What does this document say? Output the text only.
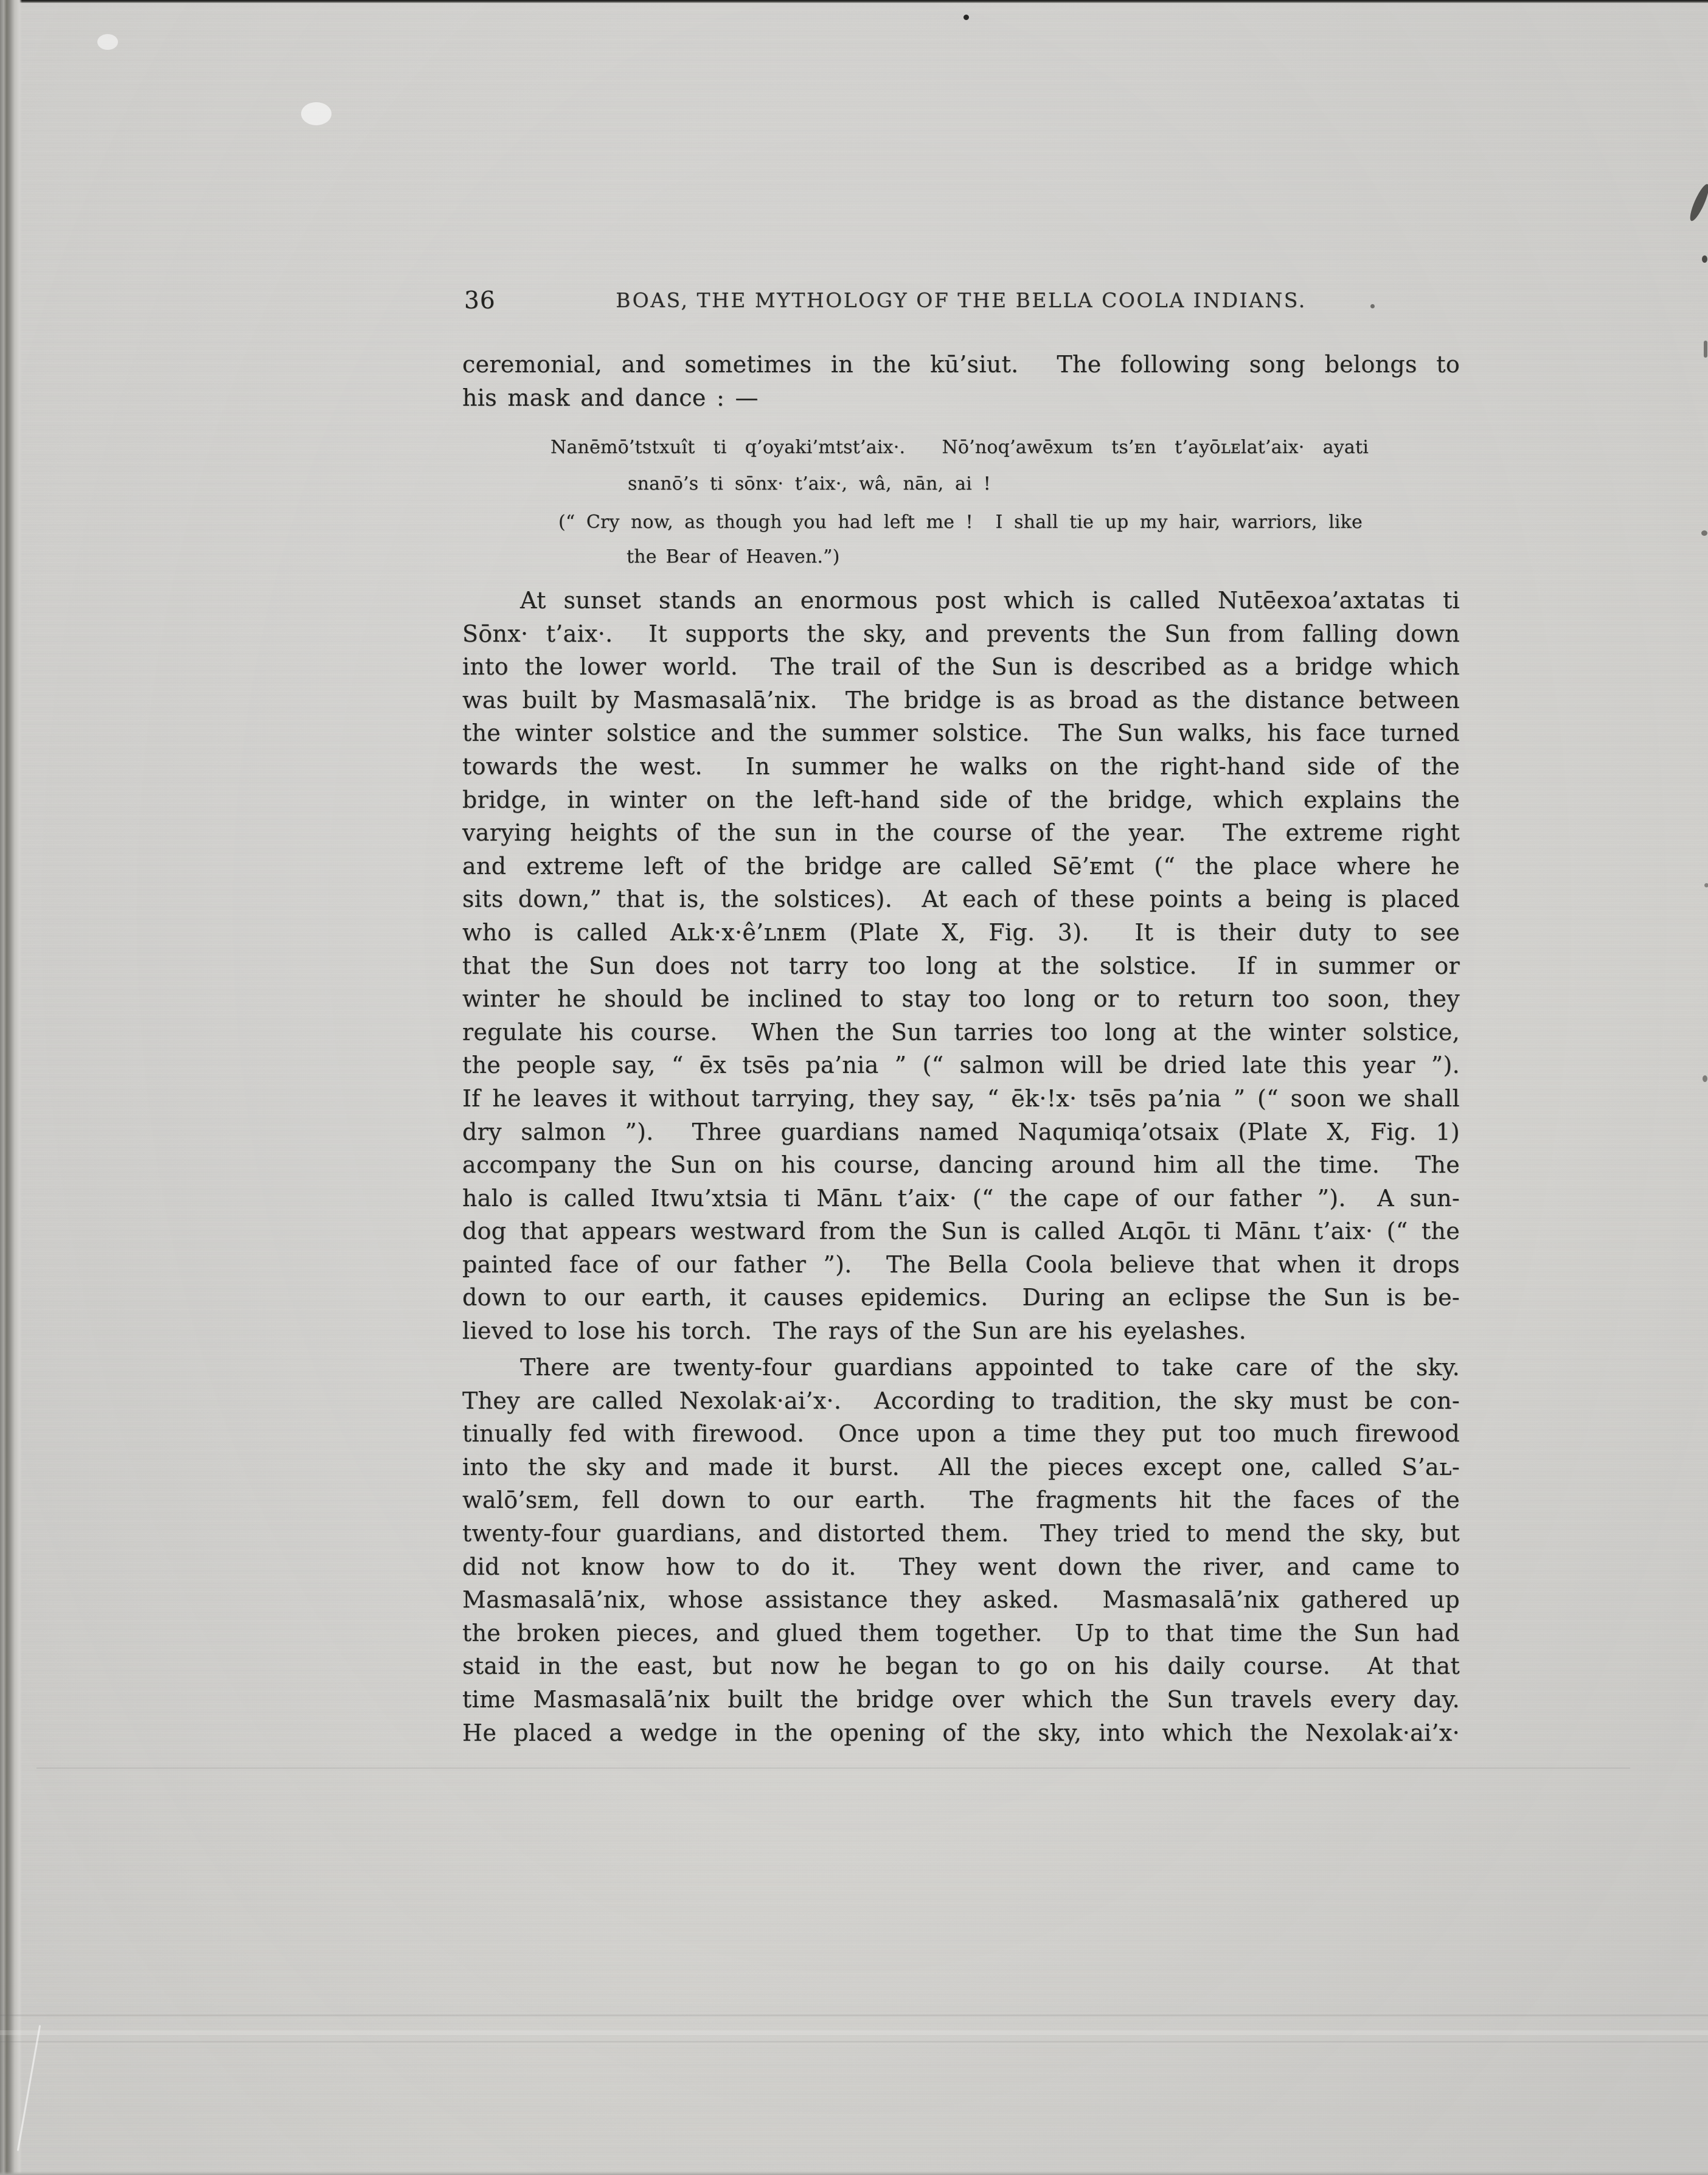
36	BOAS, THE MYTHOLOGY OF THE BELLA COOLA INDIANS.
ceremonial, and sometimes in the kū’siut.  The following song belongs to
his mask and dance : —
Nanēmō’tstxuît ti q’oyaki’mtst’aix·.  Nō’noq’awēxum ts’ᴇn t’ayōʟᴇlat’aix· ayati
snanō’s ti sōnx· t’aix·, wâ, nān, ai !
(“ Cry now, as though you had left me !  I shall tie up my hair, warriors, like
the Bear of Heaven.”)
At sunset stands an enormous post which is called Nutēexoa’axtatas ti
Sōnx· t’aix·.  It supports the sky, and prevents the Sun from falling down
into the lower world.  The trail of the Sun is described as a bridge which
was built by Masmasalā’nix.  The bridge is as broad as the distance between
the winter solstice and the summer solstice.  The Sun walks, his face turned
towards the west.  In summer he walks on the right-hand side of the
bridge, in winter on the left-hand side of the bridge, which explains the
varying heights of the sun in the course of the year.  The extreme right
and extreme left of the bridge are called Sē’ᴇmt (“ the place where he
sits down,” that is, the solstices).  At each of these points a being is placed
who is called Aʟk·x·ê’ʟnᴇm (Plate X, Fig. 3).  It is their duty to see
that the Sun does not tarry too long at the solstice.  If in summer or
winter he should be inclined to stay too long or to return too soon, they
regulate his course.  When the Sun tarries too long at the winter solstice,
the people say, “ ēx tsēs pa’nia ” (“ salmon will be dried late this year ”).
If he leaves it without tarrying, they say, “ ēk·!x· tsēs pa’nia ” (“ soon we shall
dry salmon ”).  Three guardians named Naqumiqa’otsaix (Plate X, Fig. 1)
accompany the Sun on his course, dancing around him all the time.  The
halo is called Itwu’xtsia ti Mānʟ t’aix· (“ the cape of our father ”).  A sun-
dog that appears westward from the Sun is called Aʟqōʟ ti Mānʟ t’aix· (“ the
painted face of our father ”).  The Bella Coola believe that when it drops
down to our earth, it causes epidemics.  During an eclipse the Sun is be-
lieved to lose his torch.  The rays of the Sun are his eyelashes.
There are twenty-four guardians appointed to take care of the sky.
They are called Nexolak·ai’x·.  According to tradition, the sky must be con-
tinually fed with firewood.  Once upon a time they put too much firewood
into the sky and made it burst.  All the pieces except one, called S’aʟ-
walō’sᴇm, fell down to our earth.  The fragments hit the faces of the
twenty-four guardians, and distorted them.  They tried to mend the sky, but
did not know how to do it.  They went down the river, and came to
Masmasalā’nix, whose assistance they asked.  Masmasalā’nix gathered up
the broken pieces, and glued them together.  Up to that time the Sun had
staid in the east, but now he began to go on his daily course.  At that
time Masmasalā’nix built the bridge over which the Sun travels every day.
He placed a wedge in the opening of the sky, into which the Nexolak·ai’x·
